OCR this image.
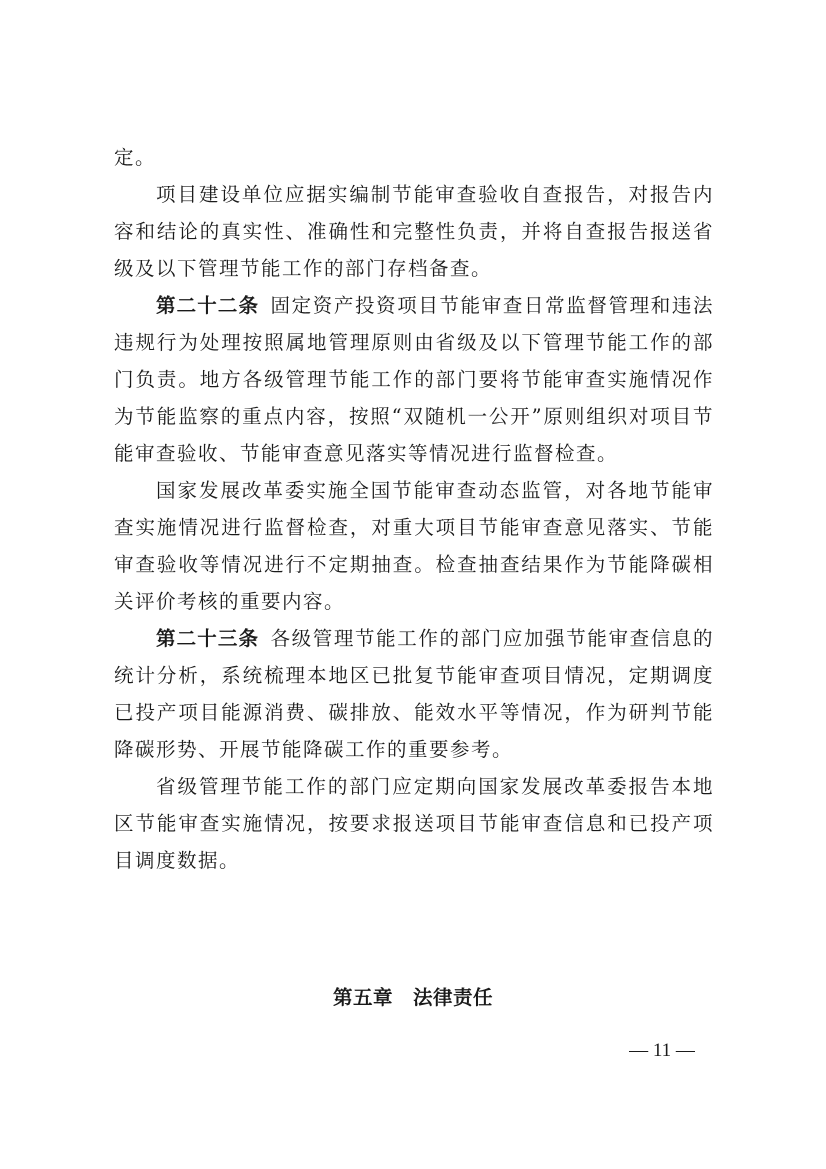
定。

项目建设单位应据实编制节能审查验收自查报告，对报告内容和结论的真实性、准确性和完整性负责，并将自查报告报送省级及以下管理节能工作的部门存档备查。

第二十二条  固定资产投资项目节能审查日常监督管理和违法违规行为处理按照属地管理原则由省级及以下管理节能工作的部门负责。地方各级管理节能工作的部门要将节能审查实施情况作为节能监察的重点内容，按照“双随机一公开”原则组织对项目节能审查验收、节能审查意见落实等情况进行监督检查。

国家发展改革委实施全国节能审查动态监管，对各地节能审查实施情况进行监督检查，对重大项目节能审查意见落实、节能审查验收等情况进行不定期抽查。检查抽查结果作为节能降碳相关评价考核的重要内容。

第二十三条  各级管理节能工作的部门应加强节能审查信息的统计分析，系统梳理本地区已批复节能审查项目情况，定期调度已投产项目能源消费、碳排放、能效水平等情况，作为研判节能降碳形势、开展节能降碳工作的重要参考。

省级管理节能工作的部门应定期向国家发展改革委报告本地区节能审查实施情况，按要求报送项目节能审查信息和已投产项目调度数据。

第五章　法律责任
— 11 —
